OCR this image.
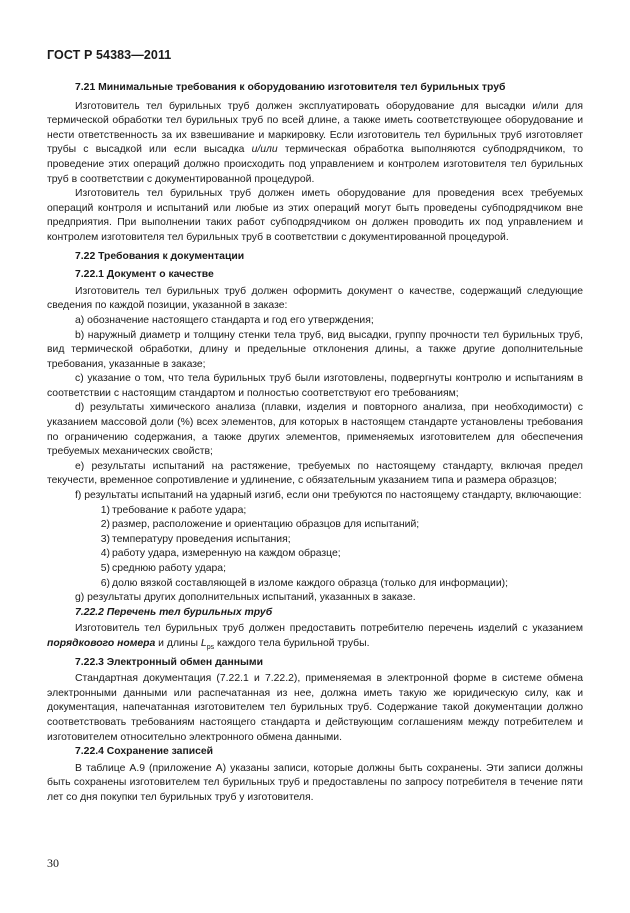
ГОСТ Р 54383—2011

7.21 Минимальные требования к оборудованию изготовителя тел бурильных труб

Изготовитель тел бурильных труб должен эксплуатировать оборудование для высадки и/или для термической обработки тел бурильных труб по всей длине, а также иметь соответствующее оборудование и нести ответственность за их взвешивание и маркировку. Если изготовитель тел бурильных труб изготовляет трубы с высадкой или если высадка и/или термическая обработка выполняются субподрядчиком, то проведение этих операций должно происходить под управлением и контролем изготовителя тел бурильных труб в соответствии с документированной процедурой.

Изготовитель тел бурильных труб должен иметь оборудование для проведения всех требуемых операций контроля и испытаний или любые из этих операций могут быть проведены субподрядчиком вне предприятия. При выполнении таких работ субподрядчиком он должен проводить их под управлением и контролем изготовителя тел бурильных труб в соответствии с документированной процедурой.

7.22 Требования к документации

7.22.1 Документ о качестве

Изготовитель тел бурильных труб должен оформить документ о качестве, содержащий следующие сведения по каждой позиции, указанной в заказе:

а) обозначение настоящего стандарта и год его утверждения;

b) наружный диаметр и толщину стенки тела труб, вид высадки, группу прочности тел бурильных труб, вид термической обработки, длину и предельные отклонения длины, а также другие дополнительные требования, указанные в заказе;

c) указание о том, что тела бурильных труб были изготовлены, подвергнуты контролю и испытаниям в соответствии с настоящим стандартом и полностью соответствуют его требованиям;

d) результаты химического анализа (плавки, изделия и повторного анализа, при необходимости) с указанием массовой доли (%) всех элементов, для которых в настоящем стандарте установлены требования по ограничению содержания, а также других элементов, применяемых изготовителем для обеспечения требуемых механических свойств;

e) результаты испытаний на растяжение, требуемых по настоящему стандарту, включая предел текучести, временное сопротивление и удлинение, с обязательным указанием типа и размера образцов;

f) результаты испытаний на ударный изгиб, если они требуются по настоящему стандарту, включающие:

1) требование к работе удара;

2) размер, расположение и ориентацию образцов для испытаний;

3) температуру проведения испытания;

4) работу удара, измеренную на каждом образце;

5) среднюю работу удара;

6) долю вязкой составляющей в изломе каждого образца (только для информации);

g) результаты других дополнительных испытаний, указанных в заказе.

7.22.2 Перечень тел бурильных труб

Изготовитель тел бурильных труб должен предоставить потребителю перечень изделий с указанием порядкового номера и длины $L_{ps}$ каждого тела бурильной трубы.

7.22.3 Электронный обмен данными

Стандартная документация (7.22.1 и 7.22.2), применяемая в электронной форме в системе обмена электронными данными или распечатанная из нее, должна иметь такую же юридическую силу, как и документация, напечатанная изготовителем тел бурильных труб. Содержание такой документации должно соответствовать требованиям настоящего стандарта и действующим соглашениям между потребителем и изготовителем относительно электронного обмена данными.

7.22.4 Сохранение записей

В таблице А.9 (приложение А) указаны записи, которые должны быть сохранены. Эти записи должны быть сохранены изготовителем тел бурильных труб и предоставлены по запросу потребителя в течение пяти лет со дня покупки тел бурильных труб у изготовителя.

30
